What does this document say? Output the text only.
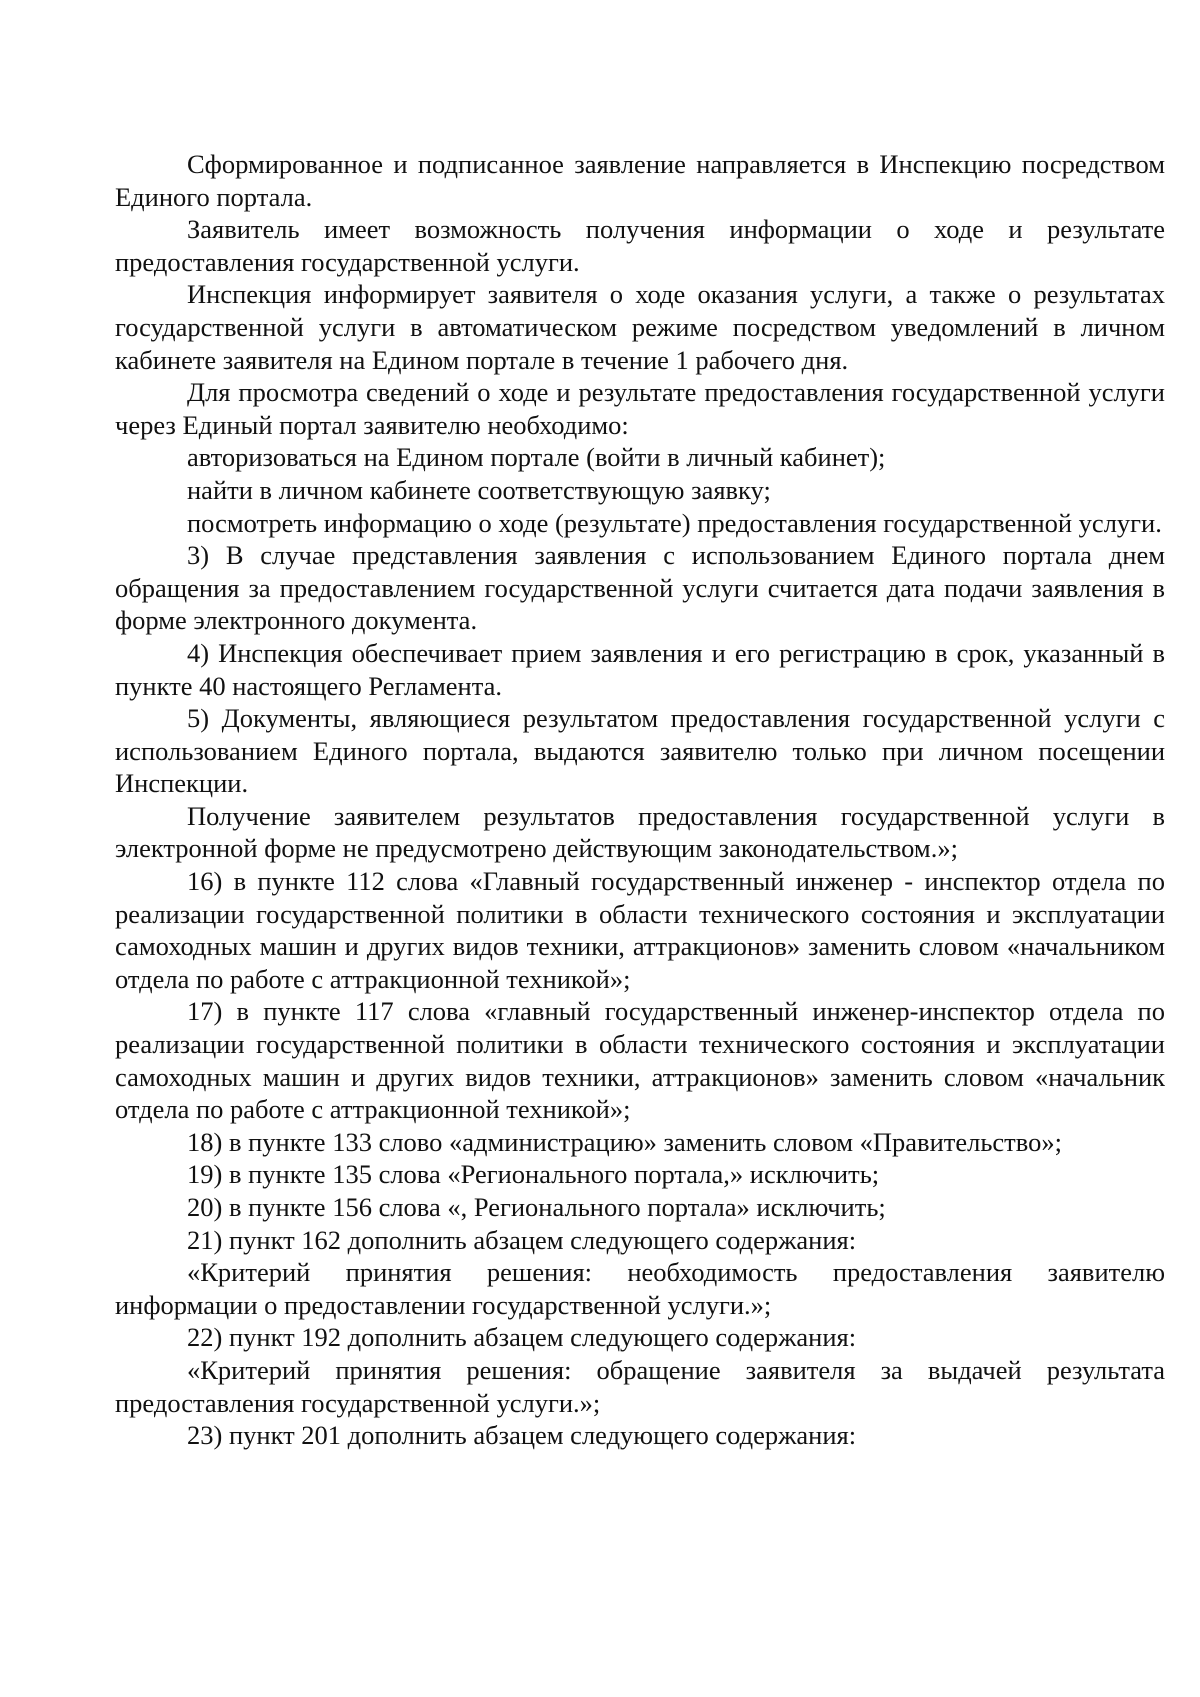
Сформированное и подписанное заявление направляется в Инспекцию посредством Единого портала.

Заявитель имеет возможность получения информации о ходе и результате предоставления государственной услуги.

Инспекция информирует заявителя о ходе оказания услуги, а также о результатах государственной услуги в автоматическом режиме посредством уведомлений в личном кабинете заявителя на Едином портале в течение 1 рабочего дня.

Для просмотра сведений о ходе и результате предоставления государственной услуги через Единый портал заявителю необходимо:

авторизоваться на Едином портале (войти в личный кабинет);

найти в личном кабинете соответствующую заявку;

посмотреть информацию о ходе (результате) предоставления государственной услуги.

3) В случае представления заявления с использованием Единого портала днем обращения за предоставлением государственной услуги считается дата подачи заявления в форме электронного документа.

4) Инспекция обеспечивает прием заявления и его регистрацию в срок, указанный в пункте 40 настоящего Регламента.

5) Документы, являющиеся результатом предоставления государственной услуги с использованием Единого портала, выдаются заявителю только при личном посещении Инспекции.

Получение заявителем результатов предоставления государственной услуги в электронной форме не предусмотрено действующим законодательством.»;

16) в пункте 112 слова «Главный государственный инженер - инспектор отдела по реализации государственной политики в области технического состояния и эксплуатации самоходных машин и других видов техники, аттракционов» заменить словом «начальником отдела по работе с аттракционной техникой»;

17) в пункте 117 слова «главный государственный инженер-инспектор отдела по реализации государственной политики в области технического состояния и эксплуатации самоходных машин и других видов техники, аттракционов» заменить словом «начальник отдела по работе с аттракционной техникой»;

18) в пункте 133 слово «администрацию» заменить словом «Правительство»;

19) в пункте 135 слова «Регионального портала,» исключить;

20) в пункте 156 слова «, Регионального портала» исключить;

21) пункт 162 дополнить абзацем следующего содержания:

«Критерий принятия решения: необходимость предоставления заявителю информации о предоставлении государственной услуги.»;

22) пункт 192 дополнить абзацем следующего содержания:

«Критерий принятия решения: обращение заявителя за выдачей результата предоставления государственной услуги.»;

23) пункт 201 дополнить абзацем следующего содержания:
